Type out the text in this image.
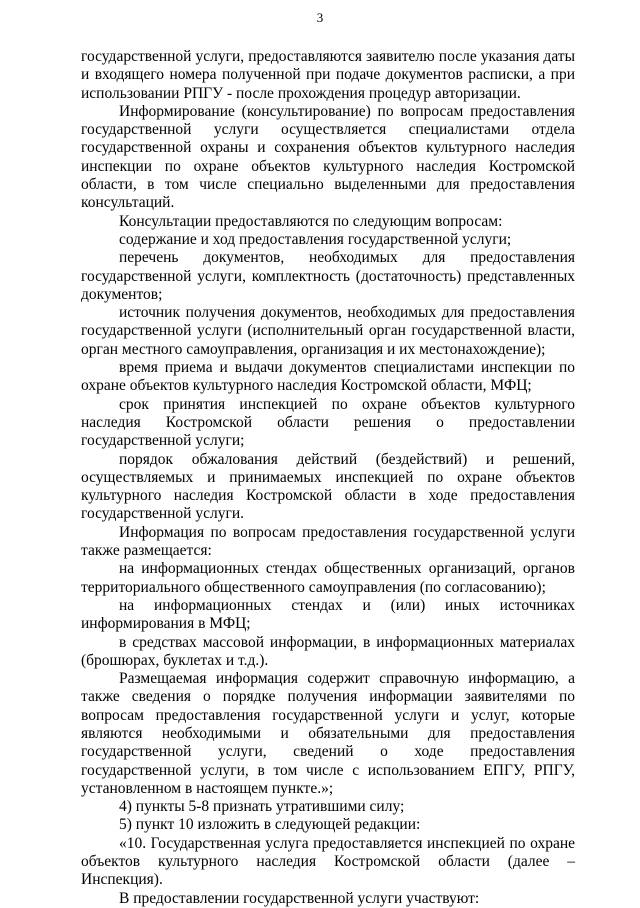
3

государственной услуги, предоставляются заявителю после указания даты и входящего номера полученной при подаче документов расписки, а при использовании РПГУ - после прохождения процедур авторизации.

Информирование (консультирование) по вопросам предоставления государственной услуги осуществляется специалистами отдела государственной охраны и сохранения объектов культурного наследия инспекции по охране объектов культурного наследия Костромской области, в том числе специально выделенными для предоставления консультаций.

Консультации предоставляются по следующим вопросам:

содержание и ход предоставления государственной услуги;

перечень документов, необходимых для предоставления государственной услуги, комплектность (достаточность) представленных документов;

источник получения документов, необходимых для предоставления государственной услуги (исполнительный орган государственной власти, орган местного самоуправления, организация и их местонахождение);

время приема и выдачи документов специалистами инспекции по охране объектов культурного наследия Костромской области, МФЦ;

срок принятия инспекцией по охране объектов культурного наследия Костромской области решения о предоставлении государственной услуги;

порядок обжалования действий (бездействий) и решений, осуществляемых и принимаемых инспекцией по охране объектов культурного наследия Костромской области в ходе предоставления государственной услуги.

Информация по вопросам предоставления государственной услуги также размещается:

на информационных стендах общественных организаций, органов территориального общественного самоуправления (по согласованию);

на информационных стендах и (или) иных источниках информирования в МФЦ;

в средствах массовой информации, в информационных материалах (брошюрах, буклетах и т.д.).

Размещаемая информация содержит справочную информацию, а также сведения о порядке получения информации заявителями по вопросам предоставления государственной услуги и услуг, которые являются необходимыми и обязательными для предоставления государственной услуги, сведений о ходе предоставления государственной услуги, в том числе с использованием ЕПГУ, РПГУ, установленном в настоящем пункте.»;

4) пункты 5-8 признать утратившими силу;

5) пункт 10 изложить в следующей редакции:

«10. Государственная услуга предоставляется инспекцией по охране объектов культурного наследия Костромской области (далее – Инспекция).

В предоставлении государственной услуги участвуют:
